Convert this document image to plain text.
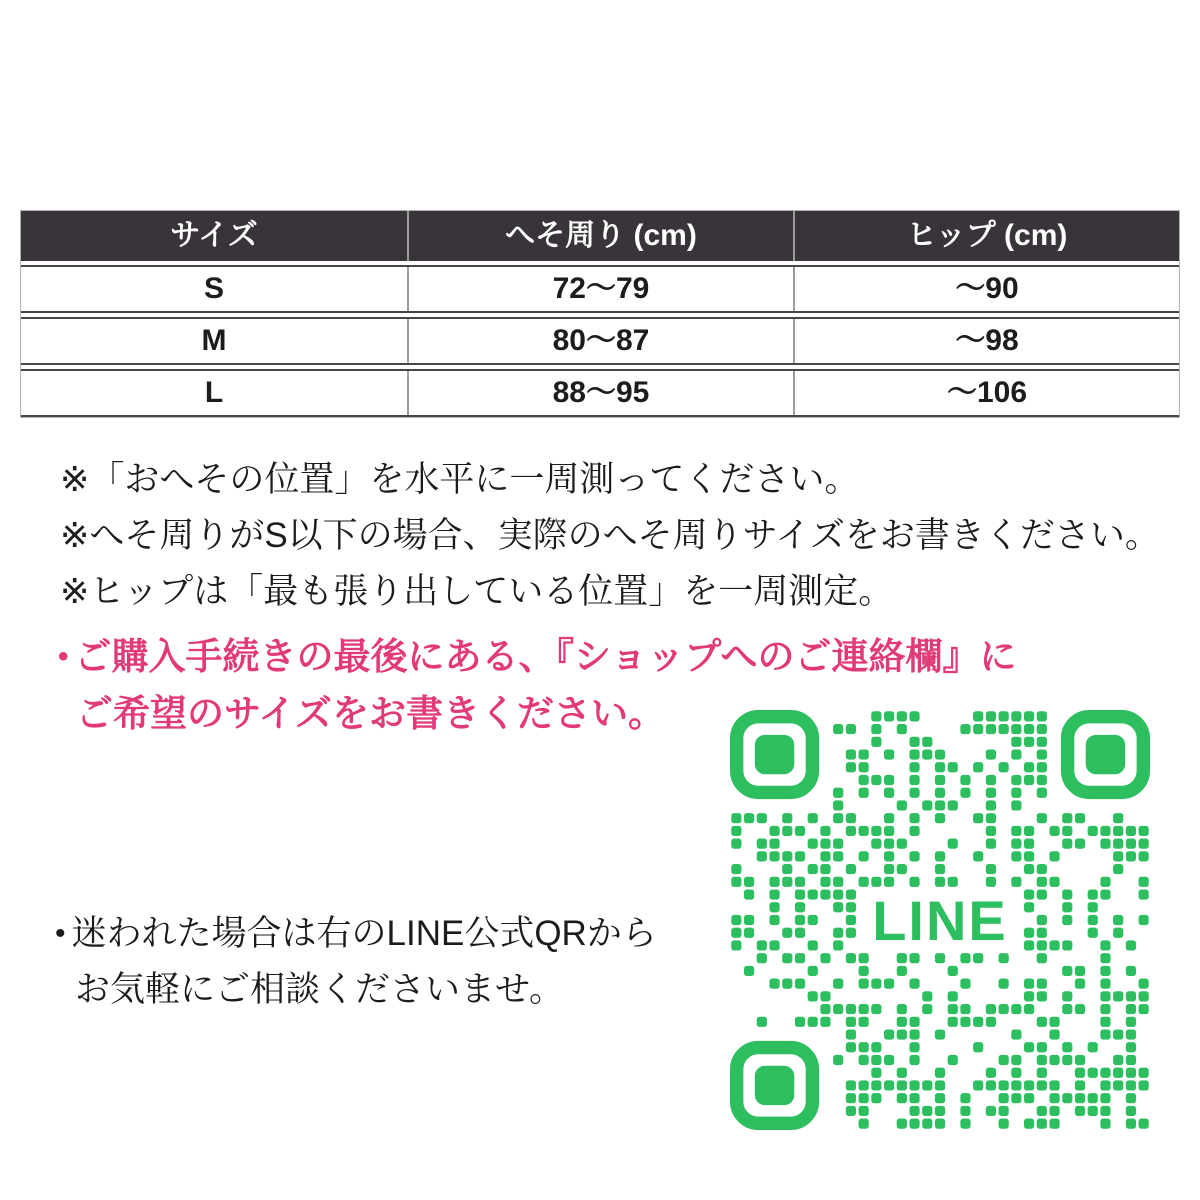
サイズ	へそ周り (cm)	ヒップ (cm)
S	72〜79	〜90
M	80〜87	〜98
L	88〜95	〜106
※「おへその位置」を水平に一周測ってください。
※へそ周りがS以下の場合、実際のへそ周りサイズをお書きください。
※ヒップは「最も張り出している位置」を一周測定。
• ご購入手続きの最後にある、『ショップへのご連絡欄』に
ご希望のサイズをお書きください。
• 迷われた場合は右のLINE公式QRから
お気軽にご相談くださいませ。
LINE
